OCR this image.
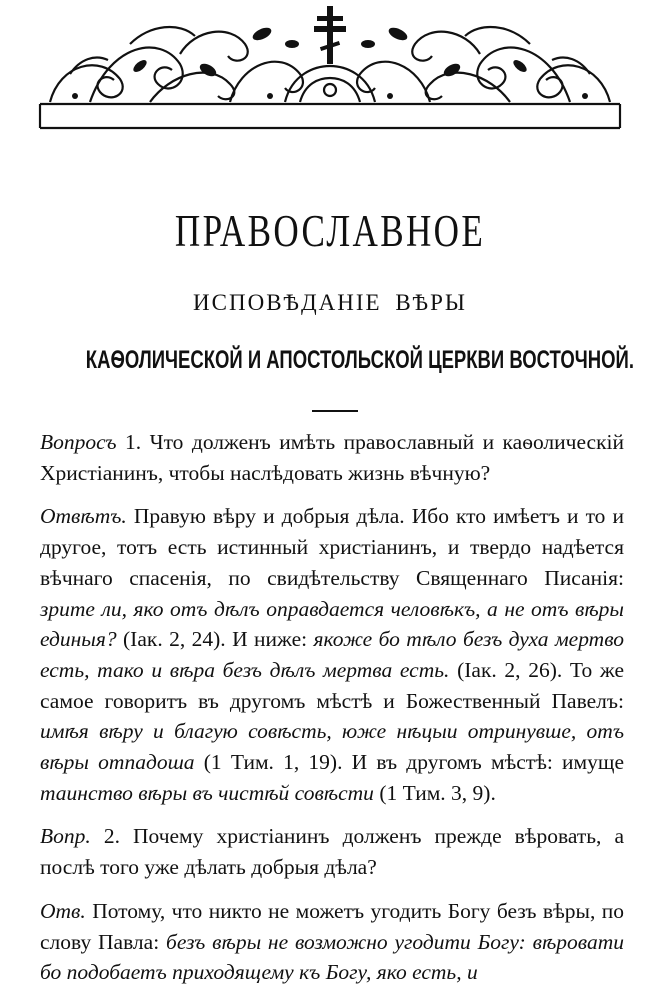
ПРАВОСЛАВНОЕ
ИСПОВѢДАНІЕ ВѢРЫ
КАѲОЛИЧЕСКОЙ И АПОСТОЛЬСКОЙ ЦЕРКВИ ВОСТОЧНОЙ.

Вопросъ 1. Что долженъ имѣть православный и каѳолическій Христіанинъ, чтобы наслѣдовать жизнь вѣчную?

Отвѣтъ. Правую вѣру и добрыя дѣла. Ибо кто имѣетъ и то и другое, тотъ есть истинный христіанинъ, и твердо надѣется вѣчнаго спасенія, по свидѣтельству Священнаго Писанія: зрите ли, яко отъ дѣлъ оправдается человѣкъ, а не отъ вѣры единыя? (Iак. 2, 24). И ниже: якоже бо тѣло безъ духа мертво есть, тако и вѣра безъ дѣлъ мертва есть. (Iак. 2, 26). То же самое говоритъ въ другомъ мѣстѣ и Божественный Павелъ: имѣя вѣру и благую совѣсть, юже нѣцыи отринувше, отъ вѣры отпадоша (1 Тим. 1, 19). И въ другомъ мѣстѣ: имуще таинство вѣры въ чистѣй совѣсти (1 Тим. 3, 9).

Вопр. 2. Почему христіанинъ долженъ прежде вѣровать, а послѣ того уже дѣлать добрыя дѣла?

Отв. Потому, что никто не можетъ угодить Богу безъ вѣры, по слову Павла: безъ вѣры не возможно угодити Богу: вѣровати бо подобаетъ приходящему къ Богу, яко есть, и
